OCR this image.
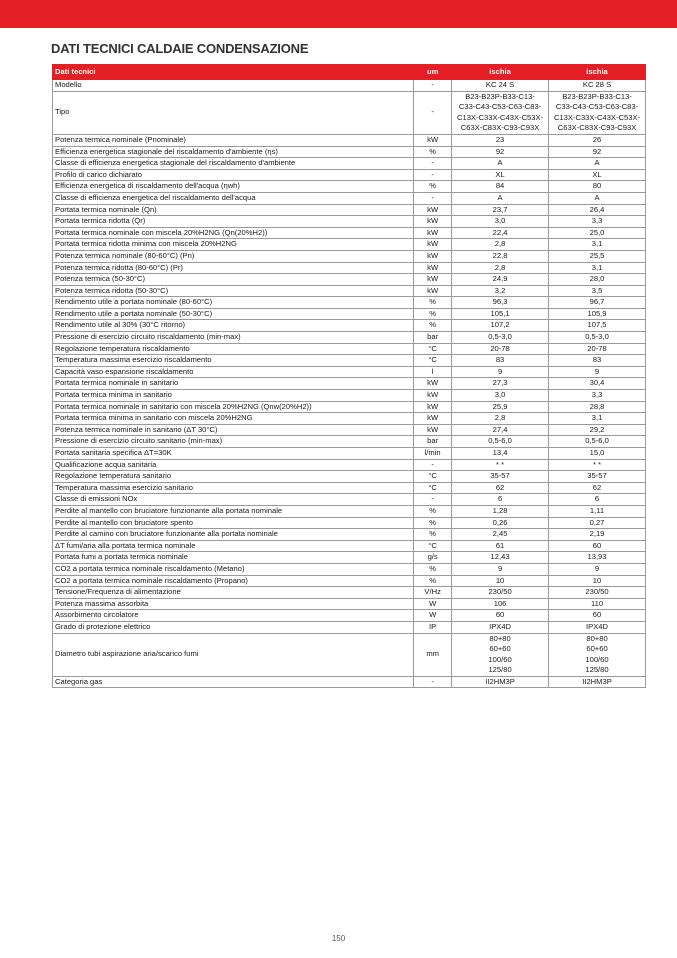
DATI TECNICI CALDAIE CONDENSAZIONE
Dati tecnici	um	ischia	ischia
Modello	-	KC 24 S	KC 28 S

Tipo	-	B23-B23P-B33-C13-
C33-C43-C53-C63-C83-
C13X-C33X-C43X-C53X-
C63X-C83X-C93-C93X	B23-B23P-B33-C13-
C33-C43-C53-C63-C83-
C13X-C33X-C43X-C53X-
C63X-C83X-C93-C93X

Potenza termica nominale (Pnominale)	kW	23	26

Efficienza energetica stagionale del riscaldamento d'ambiente (ηs)	%	92	92

Classe di efficienza energetica stagionale del riscaldamento d'ambiente	-	A	A

Profilo di carico dichiarato	-	XL	XL

Efficienza energetica di riscaldamento dell'acqua (ηwh)	%	84	80

Classe di efficienza energetica del riscaldamento dell'acqua	-	A	A

Portata termica nominale (Qn)	kW	23,7	26,4

Portata termica ridotta (Qr)	kW	3,0	3,3

Portata termica nominale con miscela 20%H2NG (Qn(20%H2))	kW	22,4	25,0

Portata termica ridotta minima con miscela 20%H2NG	kW	2,8	3,1

Potenza termica nominale (80-60°C) (Pn)	kW	22,8	25,5

Potenza termica ridotta (80-60°C) (Pr)	kW	2,8	3,1

Potenza termica (50-30°C)	kW	24,9	28,0

Potenza termica ridotta (50-30°C)	kW	3,2	3,5

Rendimento utile a portata nominale (80-60°C)	%	96,3	96,7

Rendimento utile a portata nominale (50-30°C)	%	105,1	105,9

Rendimento utile al 30% (30°C ritorno)	%	107,2	107,5

Pressione di esercizio circuito riscaldamento (min-max)	bar	0,5-3,0	0,5-3,0

Regolazione temperatura riscaldamento	°C	20-78	20-78

Temperatura massima esercizio riscaldamento	°C	83	83

Capacità vaso espansione riscaldamento	l	9	9

Portata termica nominale in sanitario	kW	27,3	30,4

Portata termica minima in sanitario	kW	3,0	3,3

Portata termica nominale in sanitario con miscela 20%H2NG (Qnw(20%H2))	kW	25,9	28,8

Portata termica minima in sanitario con miscela 20%H2NG	kW	2,8	3,1

Potenza termica nominale in sanitario (ΔT 30°C)	kW	27,4	29,2

Pressione di esercizio circuito sanitario (min-max)	bar	0,5-6,0	0,5-6,0

Portata sanitaria specifica ΔT=30K	l/min	13,4	15,0

Qualificazione acqua sanitaria	-	* *	* *

Regolazione temperatura sanitario	°C	35-57	35-57

Temperatura massima esercizio sanitario	°C	62	62

Classe di emissioni NOx	-	6	6

Perdite al mantello con bruciatore funzionante alla portata nominale	%	1,28	1,11

Perdite al mantello con bruciatore spento	%	0,26	0,27

Perdite al camino con bruciatore funzionante alla portata nominale	%	2,45	2,19

ΔT fumi/aria alla portata termica nominale	°C	61	60

Portata fumi a portata termica nominale	g/s	12,43	13,93

CO2 a portata termica nominale riscaldamento (Metano)	%	9	9

CO2 a portata termica nominale riscaldamento (Propano)	%	10	10

Tensione/Frequenza di alimentazione	V/Hz	230/50	230/50

Potenza massima assorbita	W	106	110

Assorbimento circolatore	W	60	60

Grado di protezione elettrico	IP	IPX4D	IPX4D

Diametro tubi aspirazione aria/scarico fumi	mm	80+80
60+60
100/60
125/80	80+80
60+60
100/60
125/80

Categoria gas	-	II2HM3P	II2HM3P
150
